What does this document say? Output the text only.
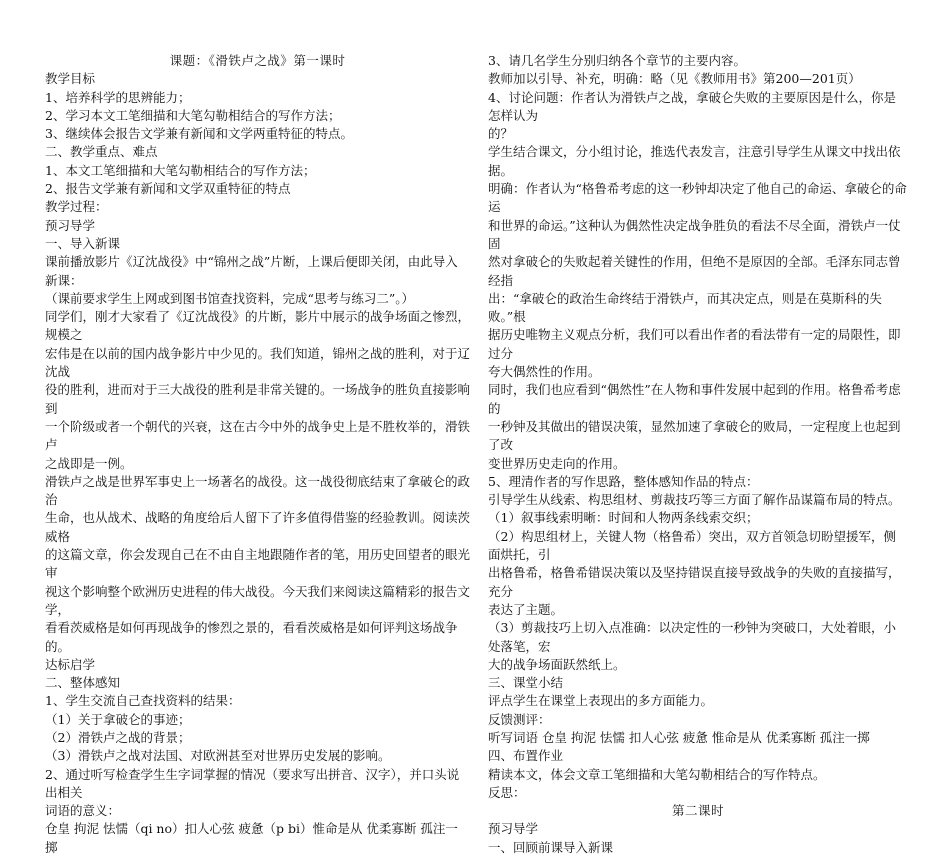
课题：《滑铁卢之战》第一课时
教学目标
1、培养科学的思辨能力；
2、学习本文工笔细描和大笔勾勒相结合的写作方法；
3、继续体会报告文学兼有新闻和文学两重特征的特点。
二、教学重点、难点
1、本文工笔细描和大笔勾勒相结合的写作方法；
2、报告文学兼有新闻和文学双重特征的特点
教学过程：
预习导学
一、导入新课
课前播放影片《辽沈战役》中“锦州之战”片断，上课后便即关闭，由此导入新课：
（课前要求学生上网或到图书馆查找资料，完成“思考与练习二”。）
同学们，刚才大家看了《辽沈战役》的片断，影片中展示的战争场面之惨烈，规模之
宏伟是在以前的国内战争影片中少见的。我们知道，锦州之战的胜利，对于辽沈战
役的胜利，进而对于三大战役的胜利是非常关键的。一场战争的胜负直接影响到
一个阶级或者一个朝代的兴衰，这在古今中外的战争史上是不胜枚举的，滑铁卢
之战即是一例。
滑铁卢之战是世界军事史上一场著名的战役。这一战役彻底结束了拿破仑的政治
生命，也从战术、战略的角度给后人留下了许多值得借鉴的经验教训。阅读茨威格
的这篇文章，你会发现自己在不由自主地跟随作者的笔，用历史回望者的眼光审
视这个影响整个欧洲历史进程的伟大战役。今天我们来阅读这篇精彩的报告文学，
看看茨威格是如何再现战争的惨烈之景的，看看茨威格是如何评判这场战争的。
达标启学
二、整体感知
1、学生交流自己查找资料的结果：
（1）关于拿破仑的事迹；
（2）滑铁卢之战的背景；
（3）滑铁卢之战对法国、对欧洲甚至对世界历史发展的影响。
2、通过听写检查学生生字词掌握的情况（要求写出拼音、汉字），并口头说出相关
词语的意义：
仓皇 拘泥 怯懦（qi no）扣人心弦 疲惫（p bi）惟命是从 优柔寡断 孤注一掷
3、请几名学生分别归纳各个章节的主要内容。
教师加以引导、补充，明确：略（见《教师用书》第200—201页）
4、讨论问题：作者认为滑铁卢之战，拿破仑失败的主要原因是什么，你是怎样认为
的？
学生结合课文，分小组讨论，推选代表发言，注意引导学生从课文中找出依据。
明确：作者认为“格鲁希考虑的这一秒钟却决定了他自己的命运、拿破仑的命运
和世界的命运。”这种认为偶然性决定战争胜负的看法不尽全面，滑铁卢一仗固
然对拿破仑的失败起着关键性的作用，但绝不是原因的全部。毛泽东同志曾经指
出：“拿破仑的政治生命终结于滑铁卢，而其决定点，则是在莫斯科的失败。”根
据历史唯物主义观点分析，我们可以看出作者的看法带有一定的局限性，即过分
夸大偶然性的作用。
同时，我们也应看到“偶然性”在人物和事件发展中起到的作用。格鲁希考虑的
一秒钟及其做出的错误决策，显然加速了拿破仑的败局，一定程度上也起到了改
变世界历史走向的作用。
5、理清作者的写作思路，整体感知作品的特点：
引导学生从线索、构思组材、剪裁技巧等三方面了解作品谋篇布局的特点。
（1）叙事线索明晰：时间和人物两条线索交织；
（2）构思组材上，关键人物（格鲁希）突出，双方首领急切盼望援军，侧面烘托，引
出格鲁希，格鲁希错误决策以及坚持错误直接导致战争的失败的直接描写，充分
表达了主题。
（3）剪裁技巧上切入点准确：以决定性的一秒钟为突破口，大处着眼，小处落笔，宏
大的战争场面跃然纸上。
三、课堂小结
评点学生在课堂上表现出的多方面能力。
反馈测评：
听写词语 仓皇 拘泥 怯懦 扣人心弦 疲惫 惟命是从 优柔寡断 孤注一掷
四、布置作业
精读本文，体会文章工笔细描和大笔勾勒相结合的写作特点。
反思：
第二课时
预习导学
一、回顾前课导入新课
